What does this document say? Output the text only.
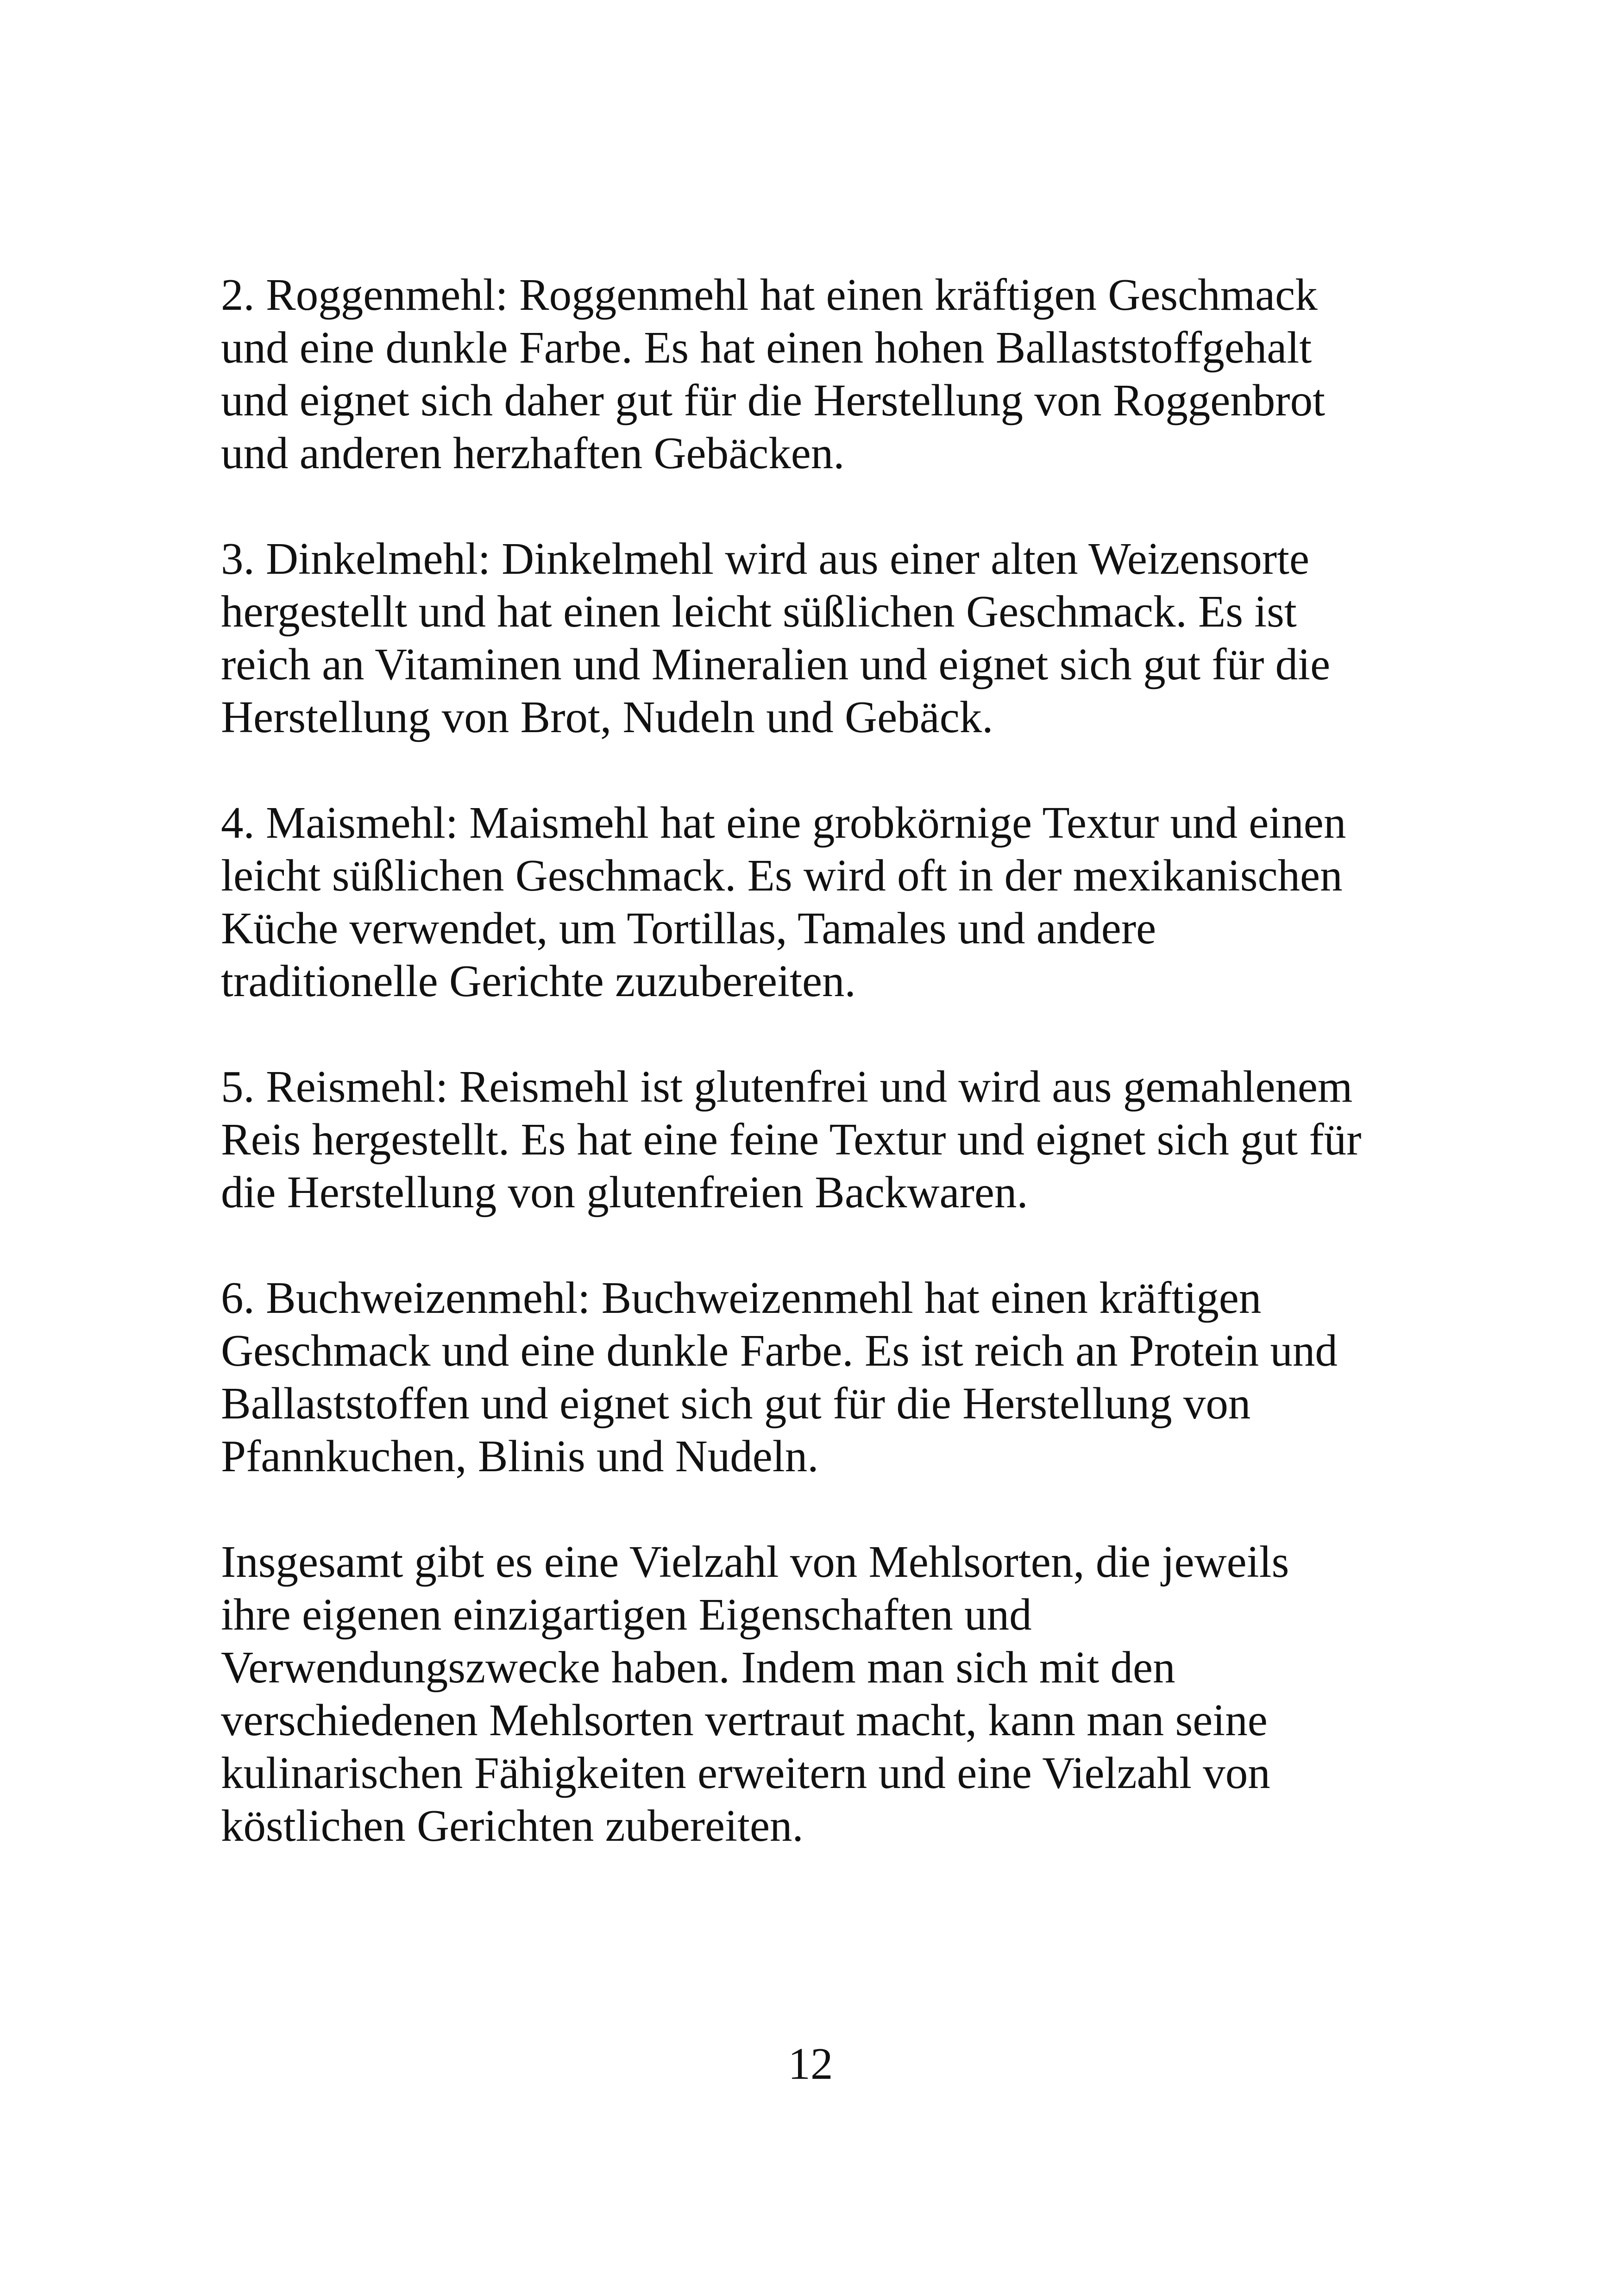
2. Roggenmehl: Roggenmehl hat einen kräftigen Geschmack
und eine dunkle Farbe. Es hat einen hohen Ballaststoffgehalt
und eignet sich daher gut für die Herstellung von Roggenbrot
und anderen herzhaften Gebäcken.

3. Dinkelmehl: Dinkelmehl wird aus einer alten Weizensorte
hergestellt und hat einen leicht süßlichen Geschmack. Es ist
reich an Vitaminen und Mineralien und eignet sich gut für die
Herstellung von Brot, Nudeln und Gebäck.

4. Maismehl: Maismehl hat eine grobkörnige Textur und einen
leicht süßlichen Geschmack. Es wird oft in der mexikanischen
Küche verwendet, um Tortillas, Tamales und andere
traditionelle Gerichte zuzubereiten.

5. Reismehl: Reismehl ist glutenfrei und wird aus gemahlenem
Reis hergestellt. Es hat eine feine Textur und eignet sich gut für
die Herstellung von glutenfreien Backwaren.

6. Buchweizenmehl: Buchweizenmehl hat einen kräftigen
Geschmack und eine dunkle Farbe. Es ist reich an Protein und
Ballaststoffen und eignet sich gut für die Herstellung von
Pfannkuchen, Blinis und Nudeln.

Insgesamt gibt es eine Vielzahl von Mehlsorten, die jeweils
ihre eigenen einzigartigen Eigenschaften und
Verwendungszwecke haben. Indem man sich mit den
verschiedenen Mehlsorten vertraut macht, kann man seine
kulinarischen Fähigkeiten erweitern und eine Vielzahl von
köstlichen Gerichten zubereiten.

12
